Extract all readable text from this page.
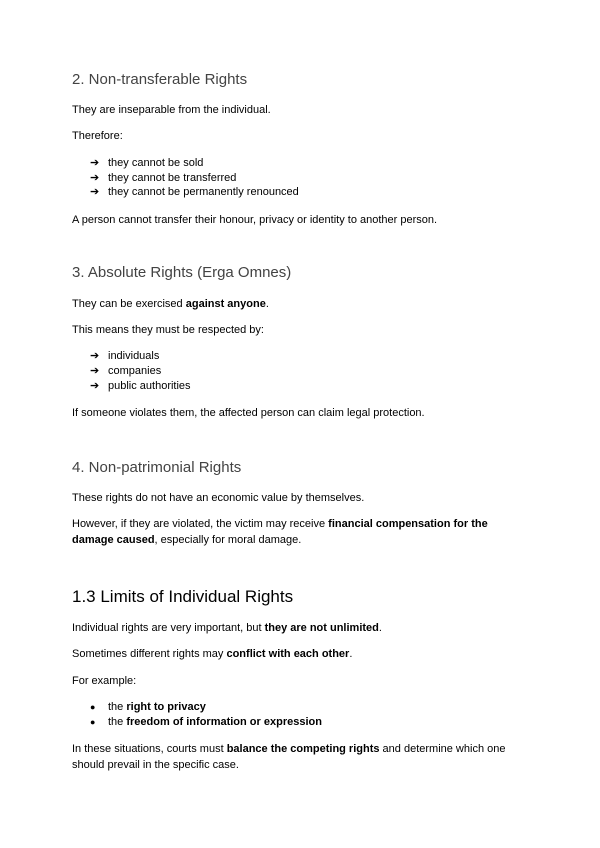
2. Non-transferable Rights

They are inseparable from the individual.

Therefore:

➔ they cannot be sold
➔ they cannot be transferred
➔ they cannot be permanently renounced

A person cannot transfer their honour, privacy or identity to another person.

3. Absolute Rights (Erga Omnes)

They can be exercised against anyone.

This means they must be respected by:

➔ individuals
➔ companies
➔ public authorities

If someone violates them, the affected person can claim legal protection.

4. Non-patrimonial Rights

These rights do not have an economic value by themselves.

However, if they are violated, the victim may receive financial compensation for the damage caused, especially for moral damage.

1.3 Limits of Individual Rights

Individual rights are very important, but they are not unlimited.

Sometimes different rights may conflict with each other.

For example:

● the right to privacy
● the freedom of information or expression

In these situations, courts must balance the competing rights and determine which one should prevail in the specific case.
